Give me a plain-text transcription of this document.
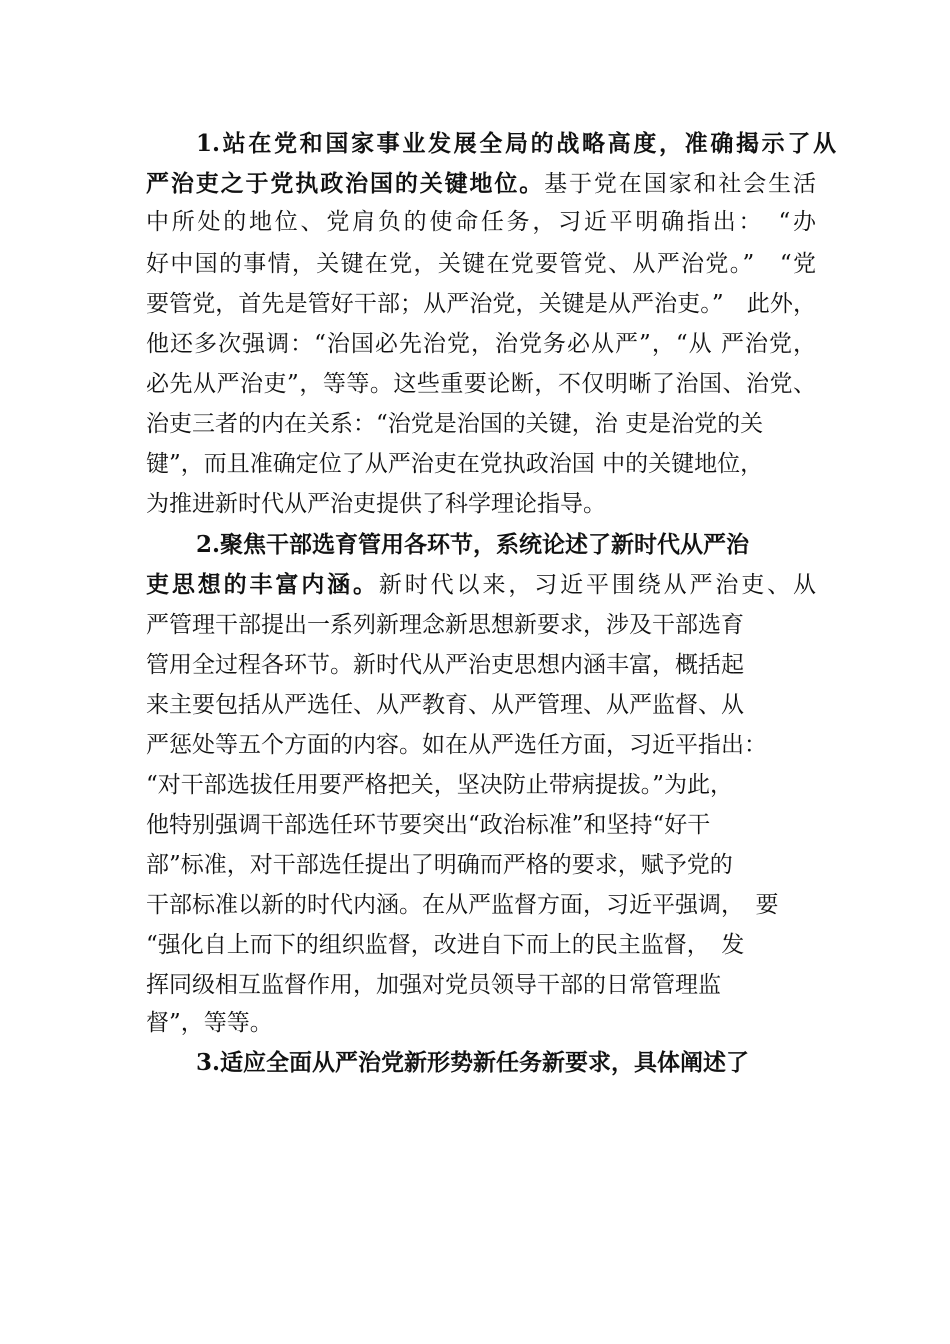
1.站在党和国家事业发展全局的战略高度，准确揭示了从
严治吏之于党执政治国的关键地位。基于党在国家和社会生活
中所处的地位、党肩负的使命任务，习近平明确指出：　“办
好中国的事情，关键在党，关键在党要管党、从严治党。”　“党
要管党，首先是管好干部；从严治党，关键是从严治吏。”　此外，
他还多次强调：“治国必先治党，治党务必从严”，“从 严治党，
必先从严治吏”，等等。这些重要论断，不仅明晰了治国、治党、
治吏三者的内在关系：“治党是治国的关键，治 吏是治党的关
键”，而且准确定位了从严治吏在党执政治国 中的关键地位，
为推进新时代从严治吏提供了科学理论指导。
2.聚焦干部选育管用各环节，系统论述了新时代从严治
吏思想的丰富内涵。新时代以来，习近平围绕从严治吏、从
严管理干部提出一系列新理念新思想新要求，涉及干部选育
管用全过程各环节。新时代从严治吏思想内涵丰富，概括起
来主要包括从严选任、从严教育、从严管理、从严监督、从
严惩处等五个方面的内容。如在从严选任方面，习近平指出：
“对干部选拔任用要严格把关，坚决防止带病提拔。”为此，
他特别强调干部选任环节要突出“政治标准”和坚持“好干
部”标准，对干部选任提出了明确而严格的要求，赋予党的
干部标准以新的时代内涵。在从严监督方面，习近平强调，　要
“强化自上而下的组织监督，改进自下而上的民主监督，　发
挥同级相互监督作用，加强对党员领导干部的日常管理监
督”，等等。
3.适应全面从严治党新形势新任务新要求，具体阐述了
